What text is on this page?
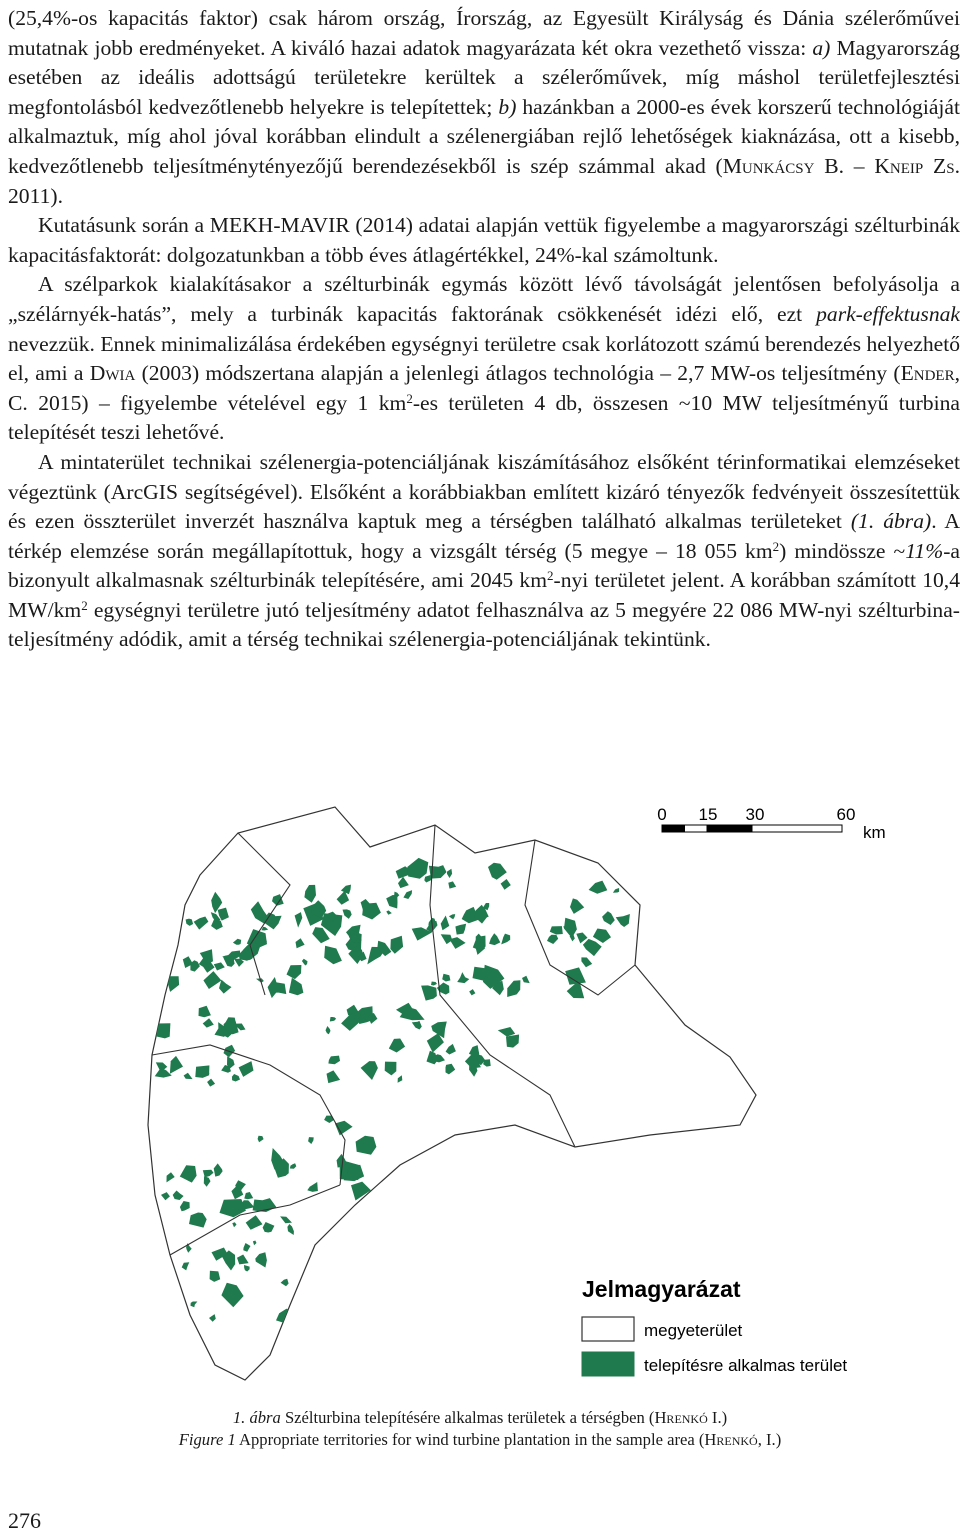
(25,4%-os kapacitás faktor) csak három ország, Írország, az Egyesült Királyság és Dánia szélerőművei mutatnak jobb eredményeket. A kiváló hazai adatok magyarázata két okra vezethető vissza: a) Magyarország esetében az ideális adottságú területekre kerültek a szélerőművek, míg máshol területfejlesztési megfontolásból kedvezőtlenebb helyekre is telepítettek; b) hazánkban a 2000-es évek korszerű technológiáját alkalmaztuk, míg ahol jóval korábban elindult a szélenergiában rejlő lehetőségek kiaknázása, ott a kisebb, kedvezőtlenebb teljesítménytényezőjű berendezésekből is szép számmal akad (Munkácsy B. – Kneip Zs. 2011).

Kutatásunk során a MEKH-MAVIR (2014) adatai alapján vettük figyelembe a magyarországi szélturbinák kapacitásfaktorát: dolgozatunkban a több éves átlagértékkel, 24%-kal számoltunk.

A szélparkok kialakításakor a szélturbinák egymás között lévő távolságát jelentősen befolyásolja a „szélárnyék-hatás”, mely a turbinák kapacitás faktorának csökkenését idézi elő, ezt park-effektusnak nevezzük. Ennek minimalizálása érdekében egységnyi területre csak korlátozott számú berendezés helyezhető el, ami a Dwia (2003) módszertana alapján a jelenlegi átlagos technológia – 2,7 MW-os teljesítmény (Ender, C. 2015) – figyelembe vételével egy 1 $km^2-es$ területen 4 db, összesen ~10 MW teljesítményű turbina telepítését teszi lehetővé.

A mintaterület technikai szélenergia-potenciáljának kiszámításához elsőként térinformatikai elemzéseket végeztünk (ArcGIS segítségével). Elsőként a korábbiakban említett kizáró tényezők fedvényeit összesítettük és ezen összterület inverzét használva kaptuk meg a térségben található alkalmas területeket (1. ábra). A térkép elemzése során megállapítottuk, hogy a vizsgált térség (5 megye – 18 055 $km^2$) mindössze ~11%-a bizonyult alkalmasnak szélturbinák telepítésére, ami 2045 $km^2$-nyi területet jelent. A korábban számított 10,4 $MW/km^2$ egységnyi területre jutó teljesítmény adatot felhasználva az 5 megyére 22 086 MW-nyi szélturbina-teljesítmény adódik, amit a térség technikai szélenergia-potenciáljának tekintünk.

0 15 30	60
km
Jelmagyarázat
megyeterület
telepítésre alkalmas terület
1. ábra Szélturbina telepítésére alkalmas területek a térségben (Hrenkó I.)
Figure 1 Appropriate territories for wind turbine plantation in the sample area (Hrenkó, I.)
276
